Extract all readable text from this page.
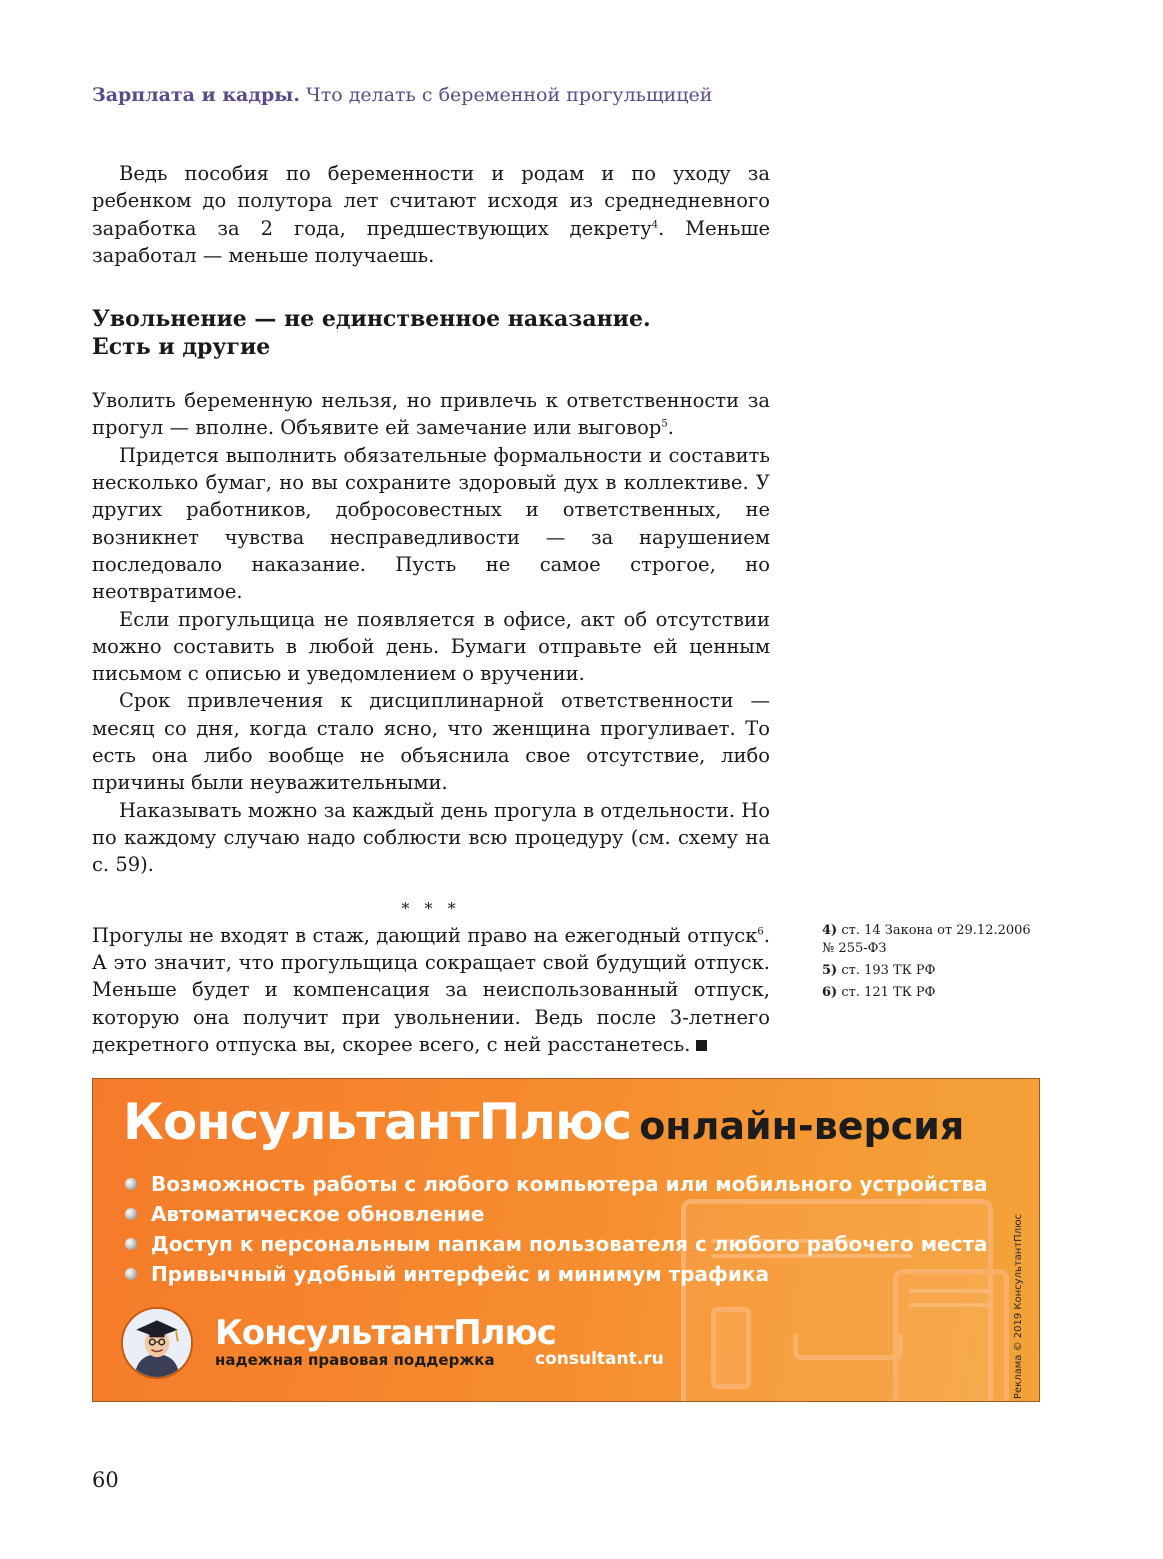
Зарплата и кадры. Что делать с беременной прогульщицей

Ведь пособия по беременности и родам и по уходу за ребенком до полутора лет считают исходя из среднедневного заработка за 2 года, предшествующих декрету$^4$. Меньше заработал — меньше получаешь.

Увольнение — не единственное наказание.
Есть и другие

Уволить беременную нельзя, но привлечь к ответственности за прогул — вполне. Объявите ей замечание или выговор$^5$.

Придется выполнить обязательные формальности и составить несколько бумаг, но вы сохраните здоровый дух в коллективе. У других работников, добросовестных и ответственных, не возникнет чувства несправедливости — за нарушением последовало наказание. Пусть не самое строгое, но неотвратимое.

Если прогульщица не появляется в офисе, акт об отсутствии можно составить в любой день. Бумаги отправьте ей ценным письмом с описью и уведомлением о вручении.

Срок привлечения к дисциплинарной ответственности — месяц со дня, когда стало ясно, что женщина прогуливает. То есть она либо вообще не объяснила свое отсутствие, либо причины были неуважительными.

Наказывать можно за каждый день прогула в отдельности. Но по каждому случаю надо соблюсти всю процедуру (см. схему на с. 59).

* * *

Прогулы не входят в стаж, дающий право на ежегодный отпуск$^6$. А это значит, что прогульщица сокращает свой будущий отпуск. Меньше будет и компенсация за неиспользованный отпуск, которую она получит при увольнении. Ведь после 3-летнего декретного отпуска вы, скорее всего, с ней расстанетесь.

4) ст. 14 Закона от 29.12.2006 № 255-ФЗ
5) ст. 193 ТК РФ
6) ст. 121 ТК РФ
КонсультантПлюс онлайн-версия
Возможность работы с любого компьютера или мобильного устройства
Автоматическое обновление
Доступ к персональным папкам пользователя с любого рабочего места
Привычный удобный интерфейс и минимум трафика
КонсультантПлюс
надежная правовая поддержка	consultant.ru	Реклама © 2019 КонсультантПлюс
60
